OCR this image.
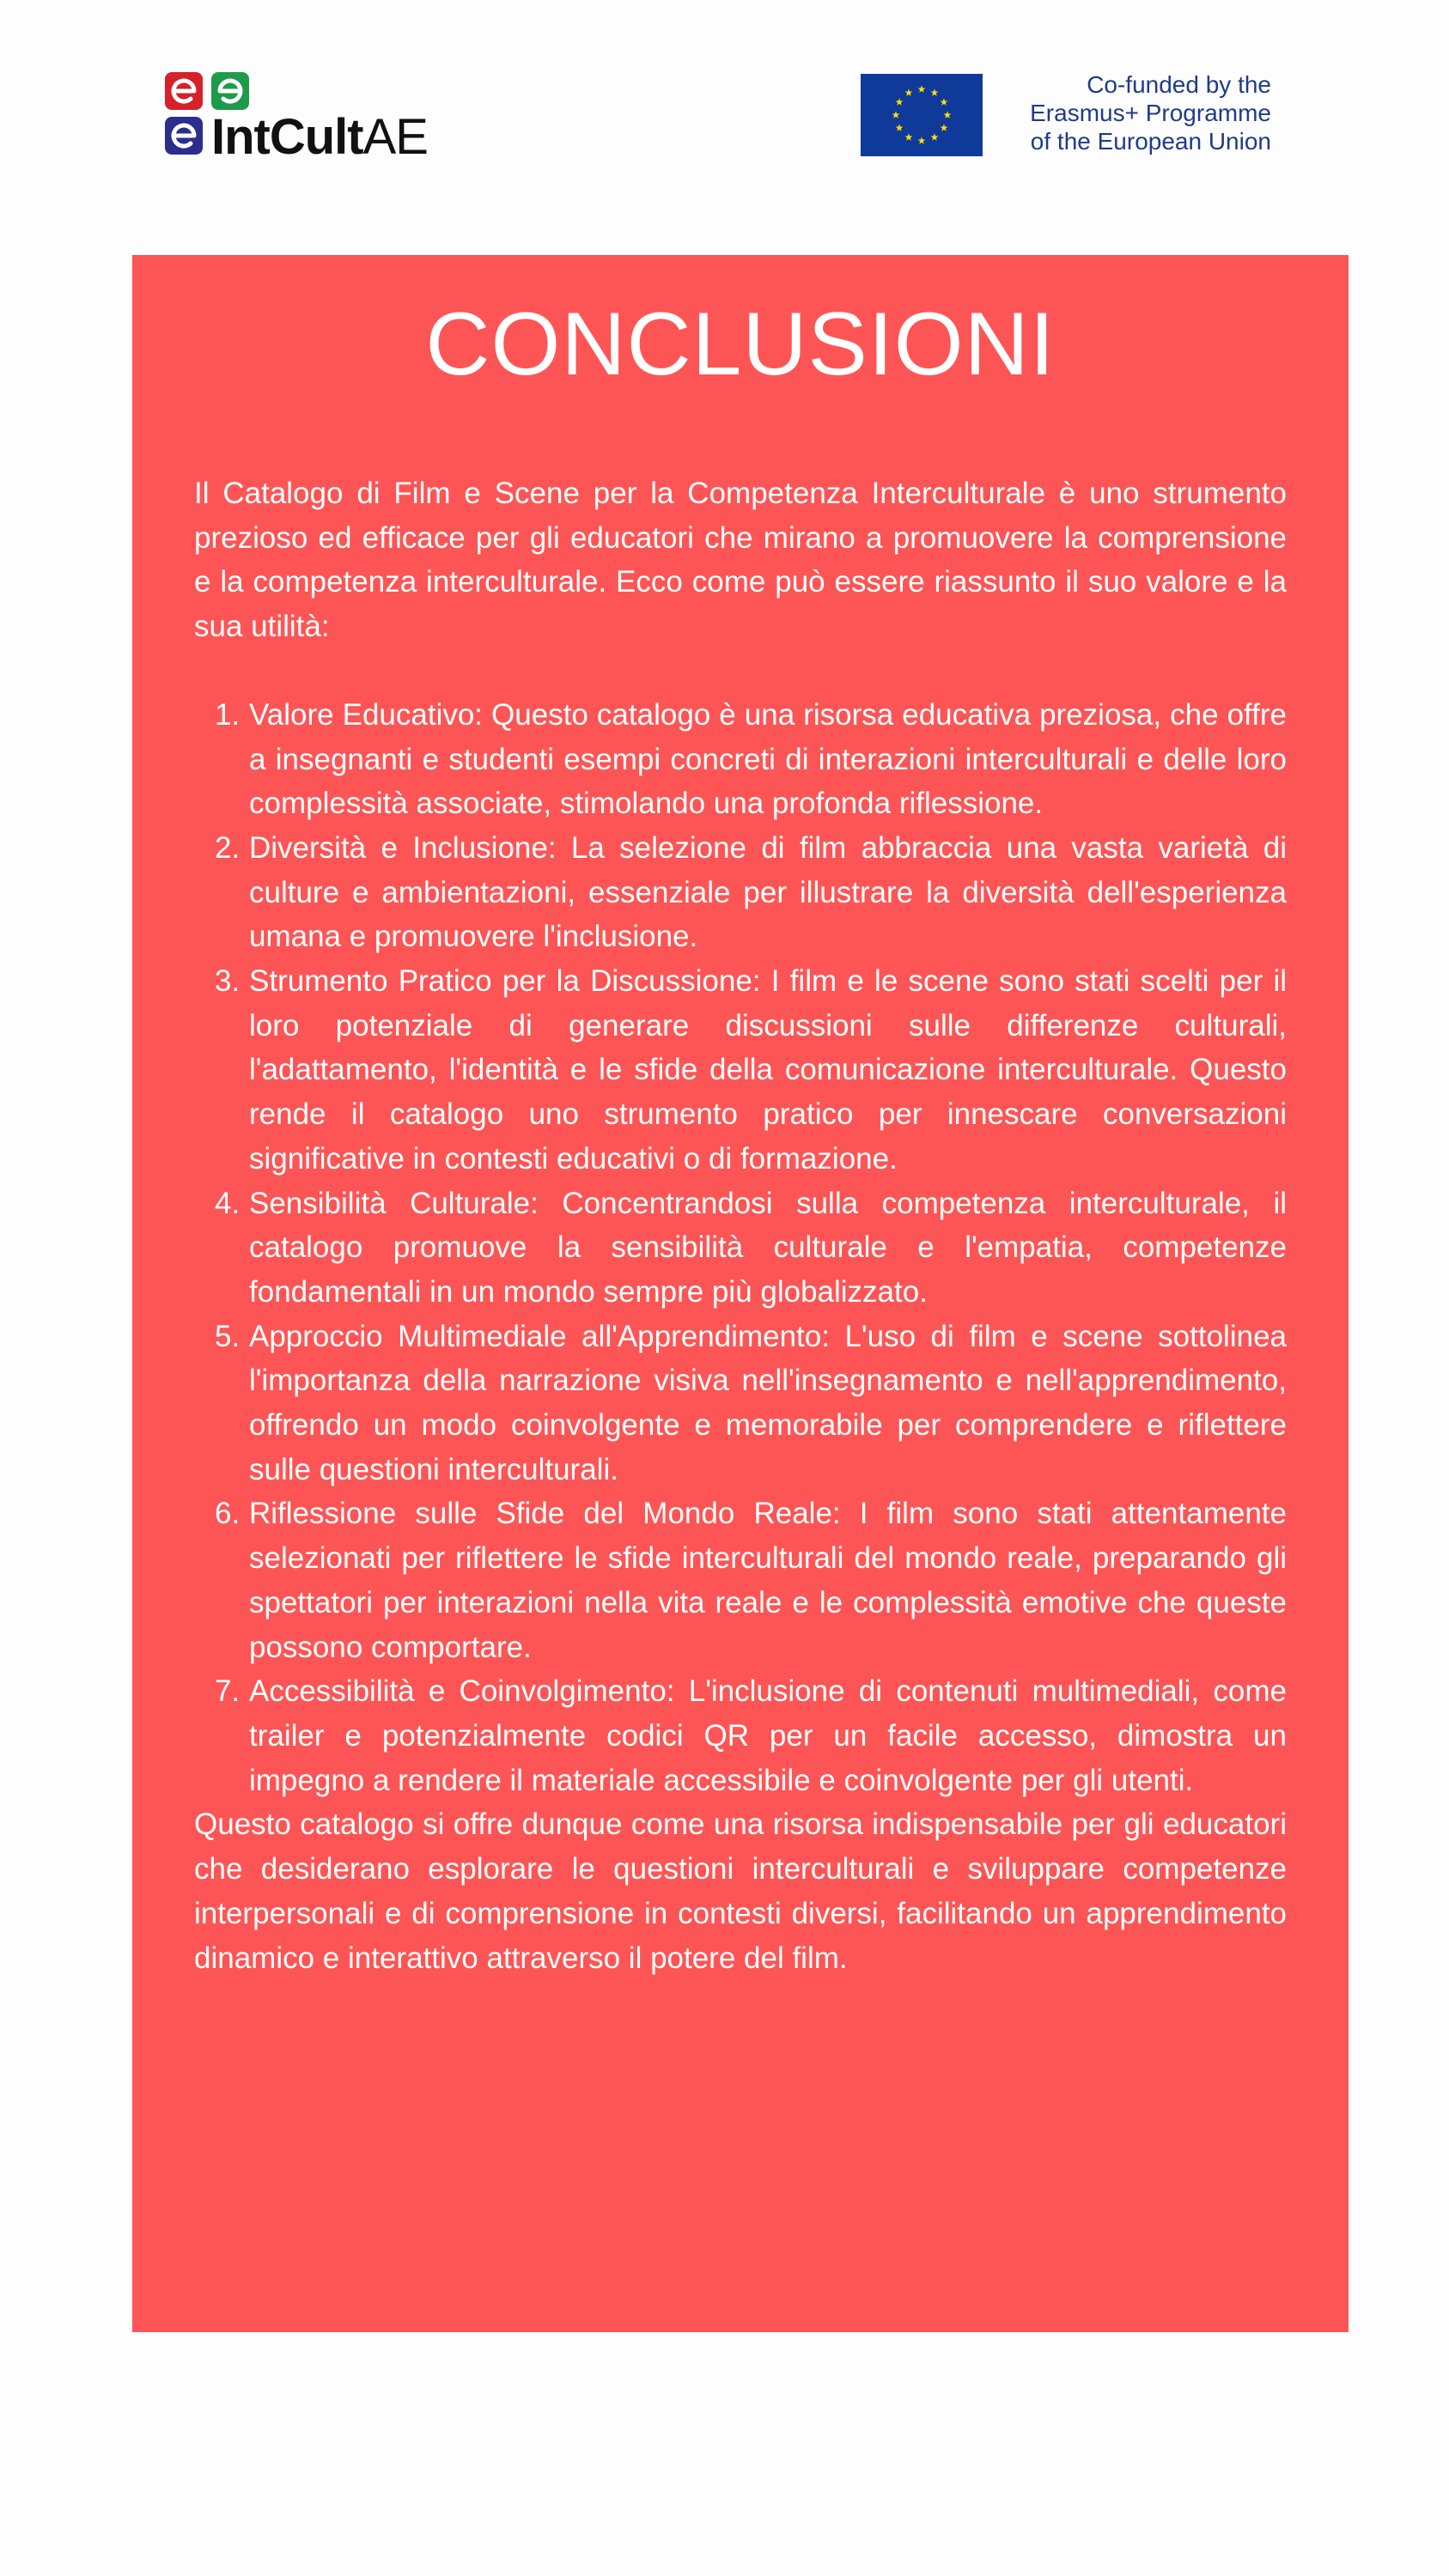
IntCultAE
Co-funded by the
Erasmus+ Programme
of the European Union
CONCLUSIONI

Il Catalogo di Film e Scene per la Competenza Interculturale è uno strumento prezioso ed efficace per gli educatori che mirano a promuovere la comprensione e la competenza interculturale. Ecco come può essere riassunto il suo valore e la sua utilità:

1. Valore Educativo: Questo catalogo è una risorsa educativa preziosa, che offre a insegnanti e studenti esempi concreti di interazioni interculturali e delle loro complessità associate, stimolando una profonda riflessione.
2. Diversità e Inclusione: La selezione di film abbraccia una vasta varietà di culture e ambientazioni, essenziale per illustrare la diversità dell'esperienza umana e promuovere l'inclusione.
3. Strumento Pratico per la Discussione: I film e le scene sono stati scelti per il loro potenziale di generare discussioni sulle differenze culturali, l'adattamento, l'identità e le sfide della comunicazione interculturale. Questo rende il catalogo uno strumento pratico per innescare conversazioni significative in contesti educativi o di formazione.
4. Sensibilità Culturale: Concentrandosi sulla competenza interculturale, il catalogo promuove la sensibilità culturale e l'empatia, competenze fondamentali in un mondo sempre più globalizzato.
5. Approccio Multimediale all'Apprendimento: L'uso di film e scene sottolinea l'importanza della narrazione visiva nell'insegnamento e nell'apprendimento, offrendo un modo coinvolgente e memorabile per comprendere e riflettere sulle questioni interculturali.
6. Riflessione sulle Sfide del Mondo Reale: I film sono stati attentamente selezionati per riflettere le sfide interculturali del mondo reale, preparando gli spettatori per interazioni nella vita reale e le complessità emotive che queste possono comportare.
7. Accessibilità e Coinvolgimento: L'inclusione di contenuti multimediali, come trailer e potenzialmente codici QR per un facile accesso, dimostra un impegno a rendere il materiale accessibile e coinvolgente per gli utenti.

Questo catalogo si offre dunque come una risorsa indispensabile per gli educatori che desiderano esplorare le questioni interculturali e sviluppare competenze interpersonali e di comprensione in contesti diversi, facilitando un apprendimento dinamico e interattivo attraverso il potere del film.
